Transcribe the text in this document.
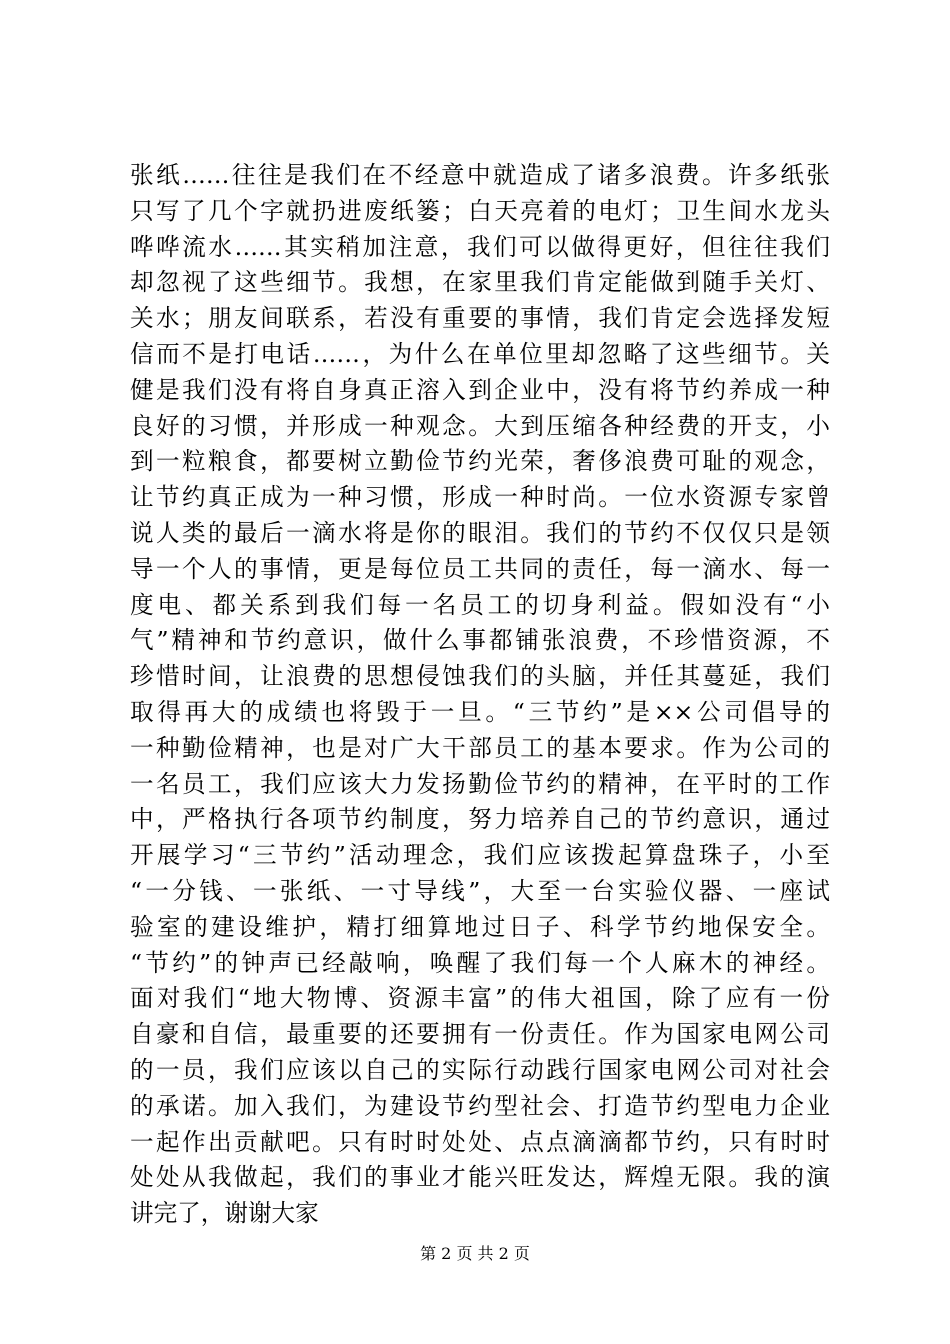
张纸……往往是我们在不经意中就造成了诸多浪费。许多纸张
只写了几个字就扔进废纸篓；白天亮着的电灯；卫生间水龙头
哗哗流水……其实稍加注意，我们可以做得更好，但往往我们
却忽视了这些细节。我想，在家里我们肯定能做到随手关灯、
关水；朋友间联系，若没有重要的事情，我们肯定会选择发短
信而不是打电话……，为什么在单位里却忽略了这些细节。关
健是我们没有将自身真正溶入到企业中，没有将节约养成一种
良好的习惯，并形成一种观念。大到压缩各种经费的开支，小
到一粒粮食，都要树立勤俭节约光荣，奢侈浪费可耻的观念，
让节约真正成为一种习惯，形成一种时尚。一位水资源专家曾
说人类的最后一滴水将是你的眼泪。我们的节约不仅仅只是领
导一个人的事情，更是每位员工共同的责任，每一滴水、每一
度电、都关系到我们每一名员工的切身利益。假如没有“小
气”精神和节约意识，做什么事都铺张浪费，不珍惜资源，不
珍惜时间，让浪费的思想侵蚀我们的头脑，并任其蔓延，我们
取得再大的成绩也将毁于一旦。“三节约”是××公司倡导的
一种勤俭精神，也是对广大干部员工的基本要求。作为公司的
一名员工，我们应该大力发扬勤俭节约的精神，在平时的工作
中，严格执行各项节约制度，努力培养自己的节约意识，通过
开展学习“三节约”活动理念，我们应该拨起算盘珠子，小至
“一分钱、一张纸、一寸导线”，大至一台实验仪器、一座试
验室的建设维护，精打细算地过日子、科学节约地保安全。
“节约”的钟声已经敲响，唤醒了我们每一个人麻木的神经。
面对我们“地大物博、资源丰富”的伟大祖国，除了应有一份
自豪和自信，最重要的还要拥有一份责任。作为国家电网公司
的一员，我们应该以自己的实际行动践行国家电网公司对社会
的承诺。加入我们，为建设节约型社会、打造节约型电力企业
一起作出贡献吧。只有时时处处、点点滴滴都节约，只有时时
处处从我做起，我们的事业才能兴旺发达，辉煌无限。我的演
讲完了，谢谢大家
第 2 页 共 2 页
